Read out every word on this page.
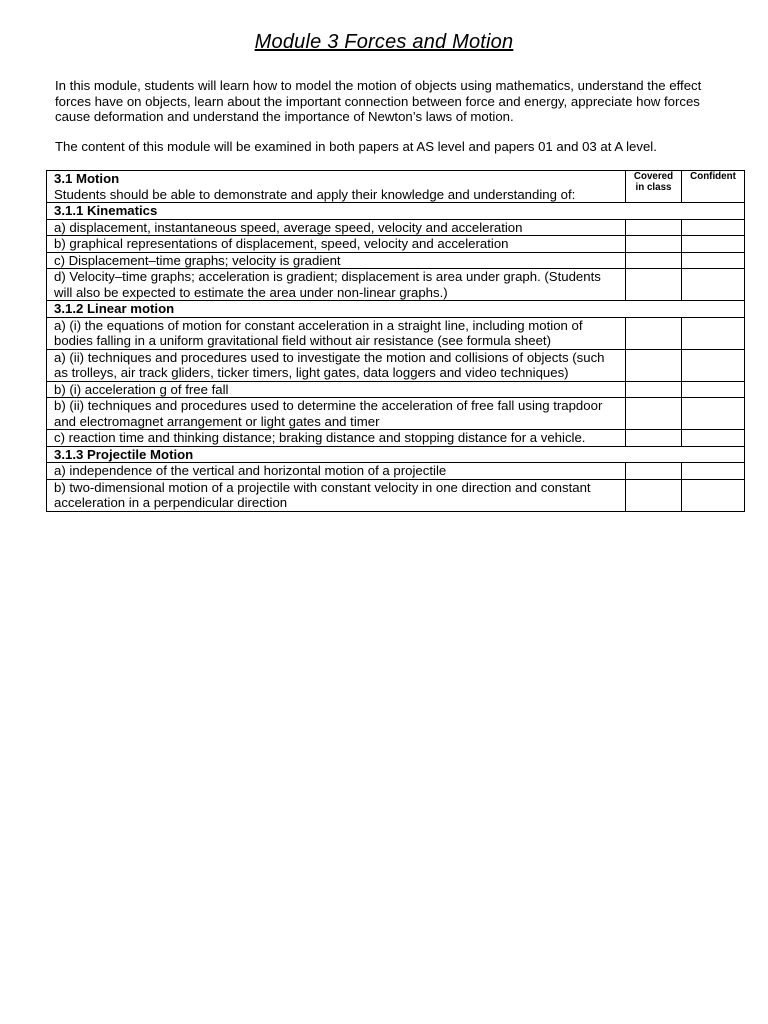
Module 3 Forces and Motion

In this module, students will learn how to model the motion of objects using mathematics, understand the effect forces have on objects, learn about the important connection between force and energy, appreciate how forces cause deformation and understand the importance of Newton’s laws of motion.

The content of this module will be examined in both papers at AS level and papers 01 and 03 at A level.

3.1 Motion
Students should be able to demonstrate and apply their knowledge and understanding of:	Covered in class	Confident
3.1.1 Kinematics		
a) displacement, instantaneous speed, average speed, velocity and acceleration		
b) graphical representations of displacement, speed, velocity and acceleration		
c) Displacement–time graphs; velocity is gradient		
d) Velocity–time graphs; acceleration is gradient; displacement is area under graph. (Students will also be expected to estimate the area under non-linear graphs.)		
3.1.2 Linear motion		
a) (i) the equations of motion for constant acceleration in a straight line, including motion of bodies falling in a uniform gravitational field without air resistance (see formula sheet)		
a) (ii) techniques and procedures used to investigate the motion and collisions of objects (such as trolleys, air track gliders, ticker timers, light gates, data loggers and video techniques)		
b) (i) acceleration g of free fall		
b) (ii) techniques and procedures used to determine the acceleration of free fall using trapdoor and electromagnet arrangement or light gates and timer		
c) reaction time and thinking distance; braking distance and stopping distance for a vehicle.		
3.1.3 Projectile Motion		
a) independence of the vertical and horizontal motion of a projectile		
b) two-dimensional motion of a projectile with constant velocity in one direction and constant acceleration in a perpendicular direction		
